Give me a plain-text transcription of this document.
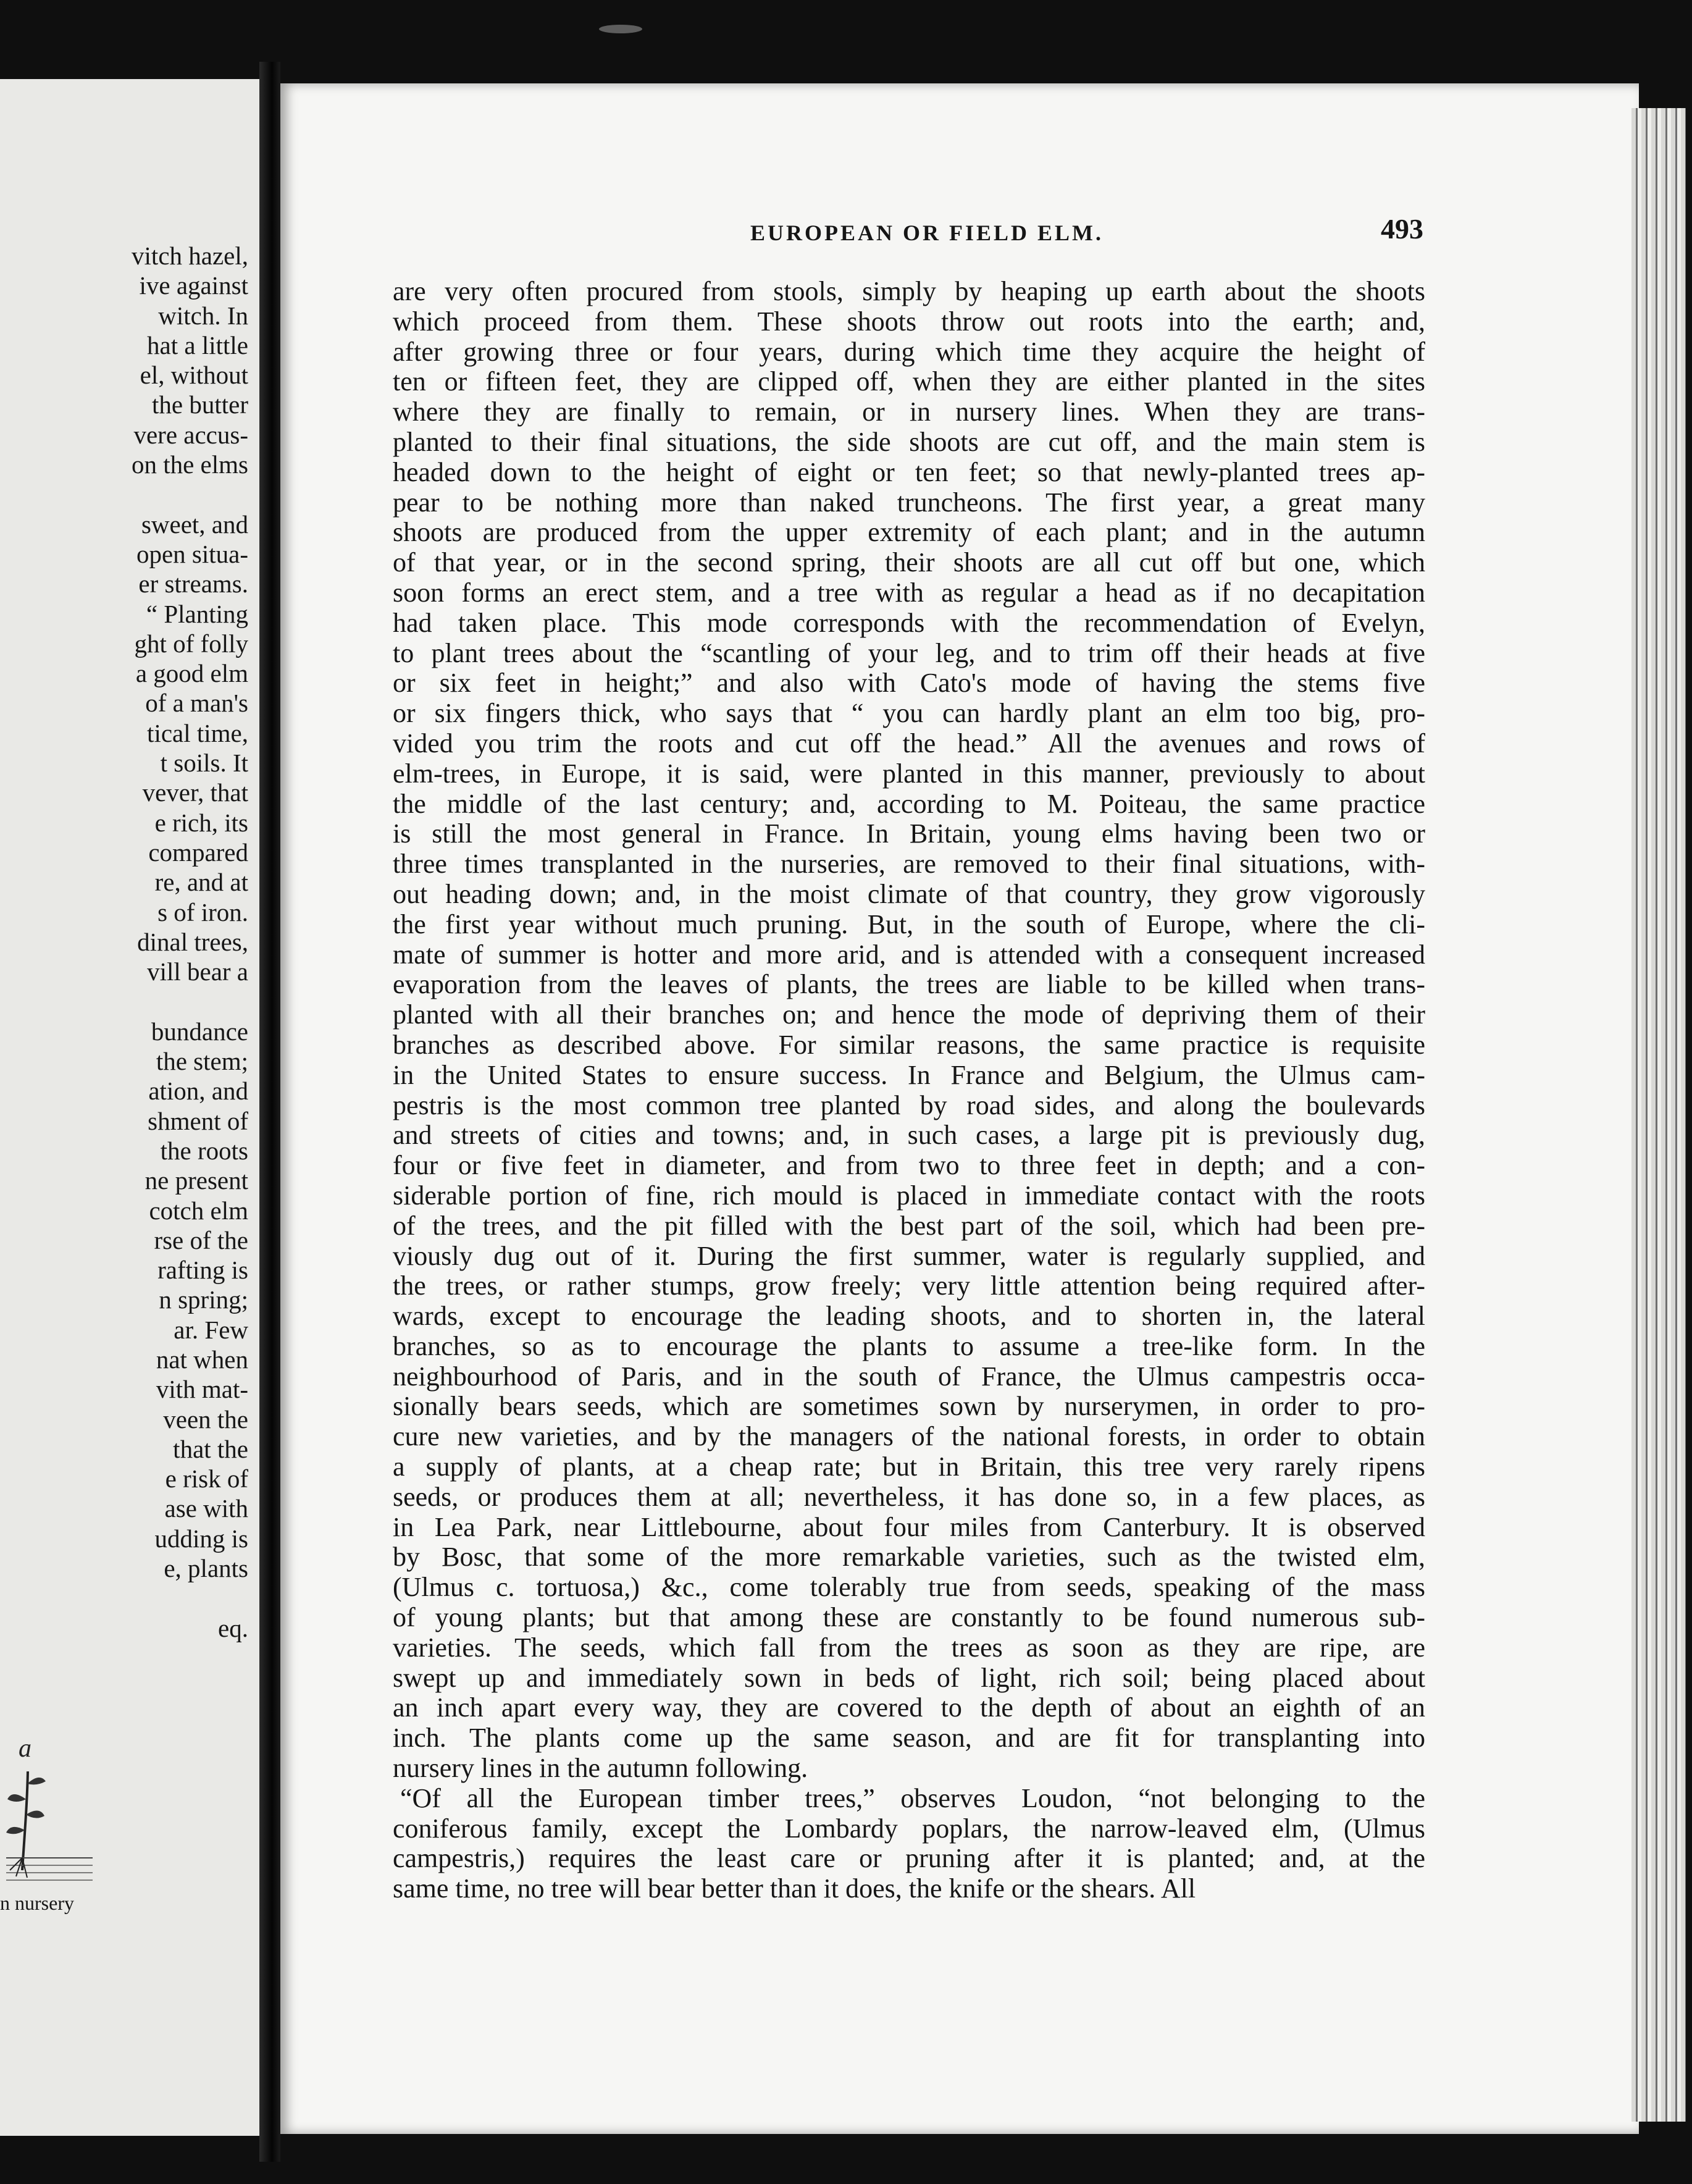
vitch hazel,
ive against
witch. In
hat a little
el, without
the butter
vere accus-
on the elms
sweet, and
open situa-
er streams.
“ Planting
ght of folly
a good elm
of a man's
tical time,
t soils. It
vever, that
e rich, its
compared
re, and at
s of iron.
dinal trees,
vill bear a
bundance
the stem;
ation, and
shment of
the roots
ne present
cotch elm
rse of the
rafting is
n spring;
ar. Few
nat when
vith mat-
veen the
that the
e risk of
ase with
udding is
e, plants
eq.
a
n nursery
EUROPEAN OR FIELD ELM.	493
are very often procured from stools, simply by heaping up earth about the shoots
which proceed from them. These shoots throw out roots into the earth; and,
after growing three or four years, during which time they acquire the height of
ten or fifteen feet, they are clipped off, when they are either planted in the sites
where they are finally to remain, or in nursery lines. When they are trans-
planted to their final situations, the side shoots are cut off, and the main stem is
headed down to the height of eight or ten feet; so that newly-planted trees ap-
pear to be nothing more than naked truncheons. The first year, a great many
shoots are produced from the upper extremity of each plant; and in the autumn
of that year, or in the second spring, their shoots are all cut off but one, which
soon forms an erect stem, and a tree with as regular a head as if no decapitation
had taken place. This mode corresponds with the recommendation of Evelyn,
to plant trees about the “scantling of your leg, and to trim off their heads at five
or six feet in height;” and also with Cato's mode of having the stems five
or six fingers thick, who says that “ you can hardly plant an elm too big, pro-
vided you trim the roots and cut off the head.” All the avenues and rows of
elm-trees, in Europe, it is said, were planted in this manner, previously to about
the middle of the last century; and, according to M. Poiteau, the same practice
is still the most general in France. In Britain, young elms having been two or
three times transplanted in the nurseries, are removed to their final situations, with-
out heading down; and, in the moist climate of that country, they grow vigorously
the first year without much pruning. But, in the south of Europe, where the cli-
mate of summer is hotter and more arid, and is attended with a consequent increased
evaporation from the leaves of plants, the trees are liable to be killed when trans-
planted with all their branches on; and hence the mode of depriving them of their
branches as described above. For similar reasons, the same practice is requisite
in the United States to ensure success. In France and Belgium, the Ulmus cam-
pestris is the most common tree planted by road sides, and along the boulevards
and streets of cities and towns; and, in such cases, a large pit is previously dug,
four or five feet in diameter, and from two to three feet in depth; and a con-
siderable portion of fine, rich mould is placed in immediate contact with the roots
of the trees, and the pit filled with the best part of the soil, which had been pre-
viously dug out of it. During the first summer, water is regularly supplied, and
the trees, or rather stumps, grow freely; very little attention being required after-
wards, except to encourage the leading shoots, and to shorten in, the lateral
branches, so as to encourage the plants to assume a tree-like form. In the
neighbourhood of Paris, and in the south of France, the Ulmus campestris occa-
sionally bears seeds, which are sometimes sown by nurserymen, in order to pro-
cure new varieties, and by the managers of the national forests, in order to obtain
a supply of plants, at a cheap rate; but in Britain, this tree very rarely ripens
seeds, or produces them at all; nevertheless, it has done so, in a few places, as
in Lea Park, near Littlebourne, about four miles from Canterbury. It is observed
by Bosc, that some of the more remarkable varieties, such as the twisted elm,
(Ulmus c. tortuosa,) &c., come tolerably true from seeds, speaking of the mass
of young plants; but that among these are constantly to be found numerous sub-
varieties. The seeds, which fall from the trees as soon as they are ripe, are
swept up and immediately sown in beds of light, rich soil; being placed about
an inch apart every way, they are covered to the depth of about an eighth of an
inch. The plants come up the same season, and are fit for transplanting into
nursery lines in the autumn following.
“Of all the European timber trees,” observes Loudon, “not belonging to the
coniferous family, except the Lombardy poplars, the narrow-leaved elm, (Ulmus
campestris,) requires the least care or pruning after it is planted; and, at the
same time, no tree will bear better than it does, the knife or the shears. All
